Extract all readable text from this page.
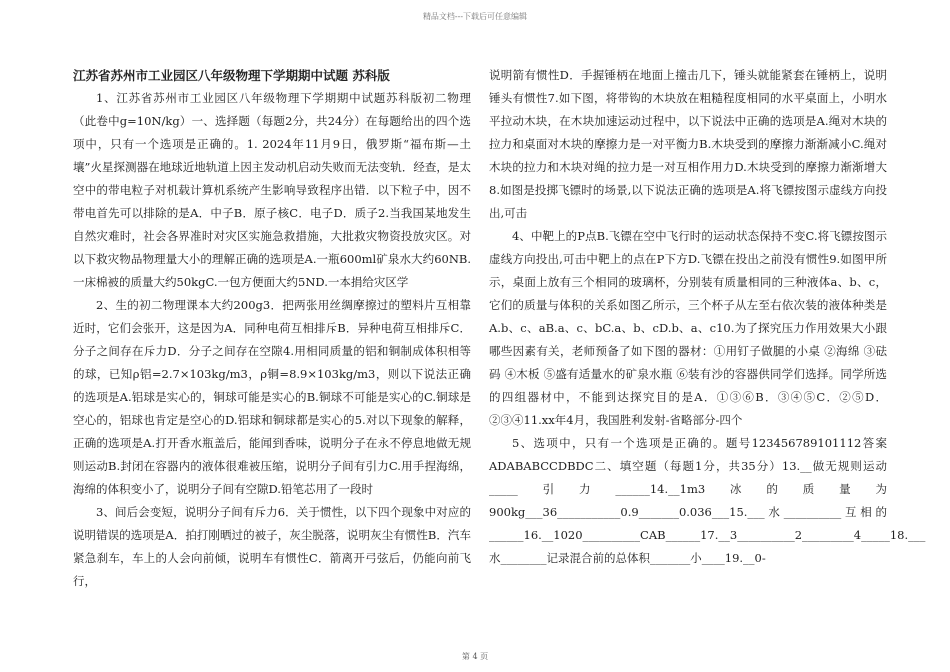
精品文档---下载后可任意编辑

江苏省苏州市工业园区八年级物理下学期期中试题 苏科版

1、江苏省苏州市工业园区八年级物理下学期期中试题苏科版初二物理（此卷中g=10N/kg）一、选择题（每题2分，共24分）在每题给出的四个选项中，只有一个选项是正确的。1. 2024年11月9日，俄罗斯“福布斯—土壤”火星探测器在地球近地轨道上因主发动机启动失败而无法变轨．经查，是太空中的带电粒子对机载计算机系统产生影响导致程序出错．以下粒子中，因不带电首先可以排除的是A．中子B．原子核C．电子D．质子2.当我国某地发生自然灾难时，社会各界准时对灾区实施急救措施，大批救灾物资投放灾区。对以下救灾物品物理量大小的理解正确的选项是A.一瓶600ml矿泉水大约60NB.一床棉被的质量大约50kgC.一包方便面大约5ND.一本捐给灾区学

2、生的初二物理课本大约200g3．把两张用丝绸摩擦过的塑料片互相靠近时，它们会张开，这是因为A．同种电荷互相排斥B．异种电荷互相排斥C．分子之间存在斥力D．分子之间存在空隙4.用相同质量的铝和铜制成体积相等的球，已知ρ铝=2.7×103kg/m3，ρ铜=8.9×103kg/m3，则以下说法正确的选项是A.铝球是实心的，铜球可能是实心的B.铜球不可能是实心的C.铜球是空心的，铝球也肯定是空心的D.铝球和铜球都是实心的5.对以下现象的解释，正确的选项是A.打开香水瓶盖后，能闻到香味，说明分子在永不停息地做无规则运动B.封闭在容器内的液体很难被压缩，说明分子间有引力C.用手捏海绵，海绵的体积变小了，说明分子间有空隙D.铅笔芯用了一段时

3、间后会变短，说明分子间有斥力6．关于惯性，以下四个现象中对应的说明错误的选项是A．拍打刚晒过的被子，灰尘脱落，说明灰尘有惯性B．汽车紧急刹车，车上的人会向前倾，说明车有惯性C．箭离开弓弦后，仍能向前飞行，

说明箭有惯性D．手握锤柄在地面上撞击几下，锤头就能紧套在锤柄上，说明锤头有惯性7.如下图，将带钩的木块放在粗糙程度相同的水平桌面上，小明水平拉动木块，在木块加速运动过程中，以下说法中正确的选项是A.绳对木块的拉力和桌面对木块的摩擦力是一对平衡力B.木块受到的摩擦力渐渐减小C.绳对木块的拉力和木块对绳的拉力是一对互相作用力D.木块受到的摩擦力渐渐增大8.如图是投掷飞镖时的场景,以下说法正确的选项是A.将飞镖按图示虚线方向投出,可击

4、中靶上的P点B.飞镖在空中飞行时的运动状态保持不变C.将飞镖按图示虚线方向投出,可击中靶上的点在P下方D.飞镖在投出之前没有惯性9.如图甲所示，桌面上放有三个相同的玻璃杯，分别装有质量相同的三种液体a、b、c，它们的质量与体积的关系如图乙所示，三个杯子从左至右依次装的液体种类是A.b、c、aB.a、c、bC.a、b、cD.b、a、c10.为了探究压力作用效果大小跟哪些因素有关，老师预备了如下图的器材：①用钉子做腿的小桌 ②海绵 ③砝码 ④木板 ⑤盛有适量水的矿泉水瓶 ⑥装有沙的容器供同学们选择。同学所选的四组器材中，不能到达探究目的是A．①③⑥B．③④⑤C．②⑤D．②③④11.xx年4月，我国胜利发射-省略部分-四个

5、选项中，只有一个选项是正确的。题号123456789101112答案ADABABCCDBDC二、填空题（每题1分，共35分）13.__做无规则运动_____引力______14.__1m3冰的质量为900kg___36___________0.9_______0.036___15.___水__________互相的______16.__1020__________CAB______17.__3__________2_________4_____18.___水________记录混合前的总体积_______小____19.__0-

第 4 页
